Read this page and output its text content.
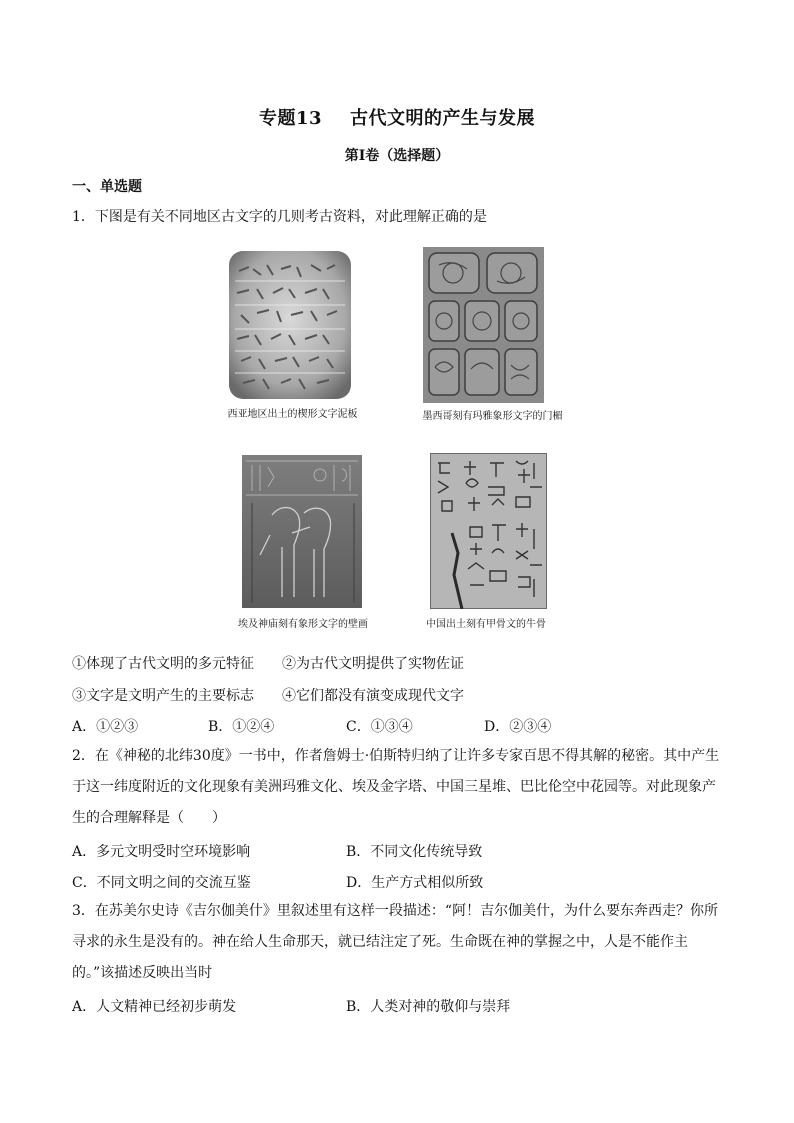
专题13 古代文明的产生与发展
第I卷（选择题）
一、单选题
1．下图是有关不同地区古文字的几则考古资料，对此理解正确的是
西亚地区出土的楔形文字泥板	墨西哥刻有玛雅象形文字的门楣
埃及神庙刻有象形文字的壁画	中国出土刻有甲骨文的牛骨
①体现了古代文明的多元特征 ②为古代文明提供了实物佐证
③文字是文明产生的主要标志 ④它们都没有演变成现代文字
A．①②③	B．①②④	C．①③④	D．②③④
2．在《神秘的北纬30度》一书中，作者詹姆士·伯斯特归纳了让许多专家百思不得其解的秘密。其中产生于这一纬度附近的文化现象有美洲玛雅文化、埃及金字塔、中国三星堆、巴比伦空中花园等。对此现象产生的合理解释是（　　）
A．多元文明受时空环境影响	B．不同文化传统导致
C．不同文明之间的交流互鉴	D．生产方式相似所致
3．在苏美尔史诗《吉尔伽美什》里叙述里有这样一段描述：“阿！吉尔伽美什，为什么要东奔西走？你所寻求的永生是没有的。神在给人生命那天，就已结注定了死。生命既在神的掌握之中，人是不能作主的。”该描述反映出当时
A．人文精神已经初步萌发	B．人类对神的敬仰与崇拜
